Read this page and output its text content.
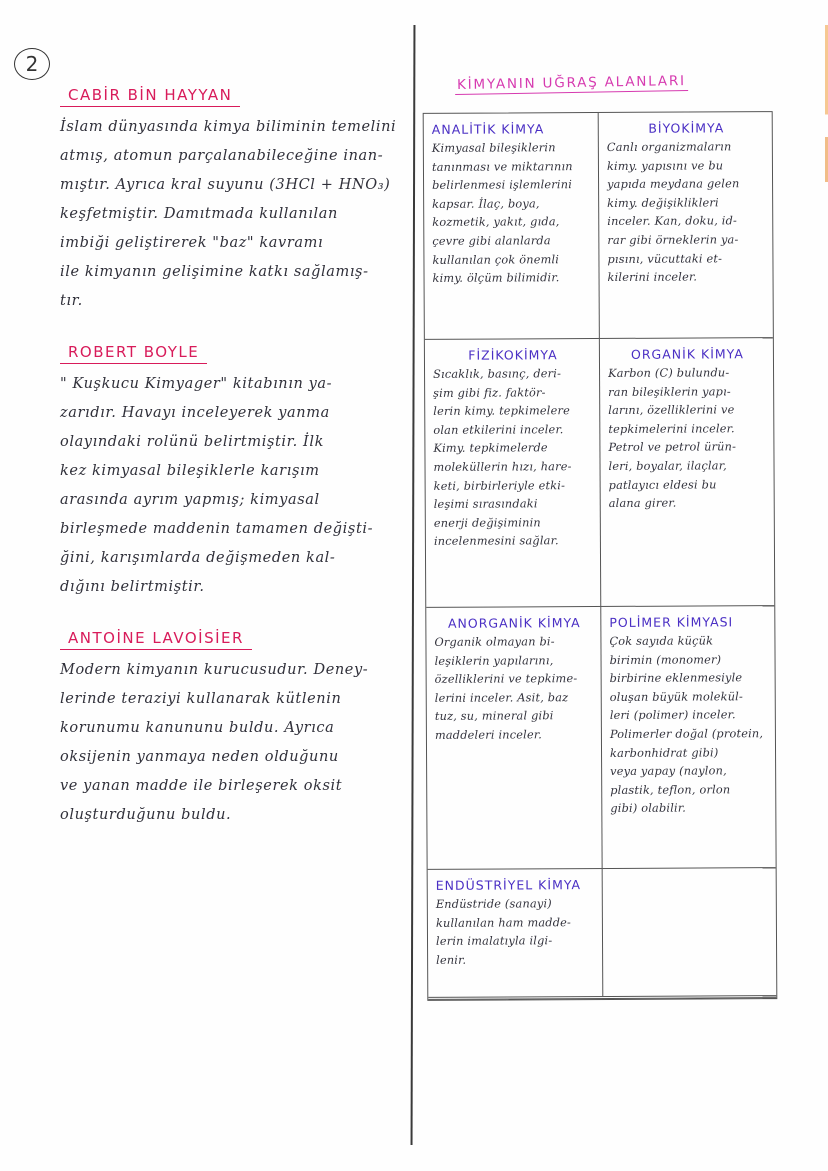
2
CABİR BİN HAYYAN
İslam dünyasında kimya biliminin temelini
atmış, atomun parçalanabileceğine inan-
mıştır. Ayrıca kral suyunu (3HCl + HNO₃)
keşfetmiştir. Damıtmada kullanılan
imbiği geliştirerek "baz" kavramı
ile kimyanın gelişimine katkı sağlamış-
tır.
ROBERT BOYLE
" Kuşkucu Kimyager" kitabının ya-
zarıdır. Havayı inceleyerek yanma
olayındaki rolünü belirtmiştir. İlk
kez kimyasal bileşiklerle karışım
arasında ayrım yapmış; kimyasal
birleşmede maddenin tamamen değişti-
ğini, karışımlarda değişmeden kal-
dığını belirtmiştir.
ANTOİNE LAVOİSİER
Modern kimyanın kurucusudur. Deney-
lerinde teraziyi kullanarak kütlenin
korunumu kanununu buldu. Ayrıca
oksijenin yanmaya neden olduğunu
ve yanan madde ile birleşerek oksit
oluşturduğunu buldu.
KİMYANIN UĞRAŞ ALANLARI
ANALİTİK KİMYA
Kimyasal bileşiklerin
tanınması ve miktarının
belirlenmesi işlemlerini
kapsar. İlaç, boya,
kozmetik, yakıt, gıda,
çevre gibi alanlarda
kullanılan çok önemli
kimy. ölçüm bilimidir.
BİYOKİMYA
Canlı organizmaların
kimy. yapısını ve bu
yapıda meydana gelen
kimy. değişiklikleri
inceler. Kan, doku, id-
rar gibi örneklerin ya-
pısını, vücuttaki et-
kilerini inceler.
FİZİKOKİMYA
Sıcaklık, basınç, deri-
şim gibi fiz. faktör-
lerin kimy. tepkimelere
olan etkilerini inceler.
Kimy. tepkimelerde
moleküllerin hızı, hare-
keti, birbirleriyle etki-
leşimi sırasındaki
enerji değişiminin
incelenmesini sağlar.
ORGANİK KİMYA
Karbon (C) bulundu-
ran bileşiklerin yapı-
larını, özelliklerini ve
tepkimelerini inceler.
Petrol ve petrol ürün-
leri, boyalar, ilaçlar,
patlayıcı eldesi bu
alana girer.
ANORGANİK KİMYA
Organik olmayan bi-
leşiklerin yapılarını,
özelliklerini ve tepkime-
lerini inceler. Asit, baz
tuz, su, mineral gibi
maddeleri inceler.
POLİMER KİMYASI
Çok sayıda küçük
birimin (monomer)
birbirine eklenmesiyle
oluşan büyük molekül-
leri (polimer) inceler.
Polimerler doğal (protein,
karbonhidrat gibi)
veya yapay (naylon,
plastik, teflon, orlon
gibi) olabilir.
ENDÜSTRİYEL KİMYA
Endüstride (sanayi)
kullanılan ham madde-
lerin imalatıyla ilgi-
lenir.
